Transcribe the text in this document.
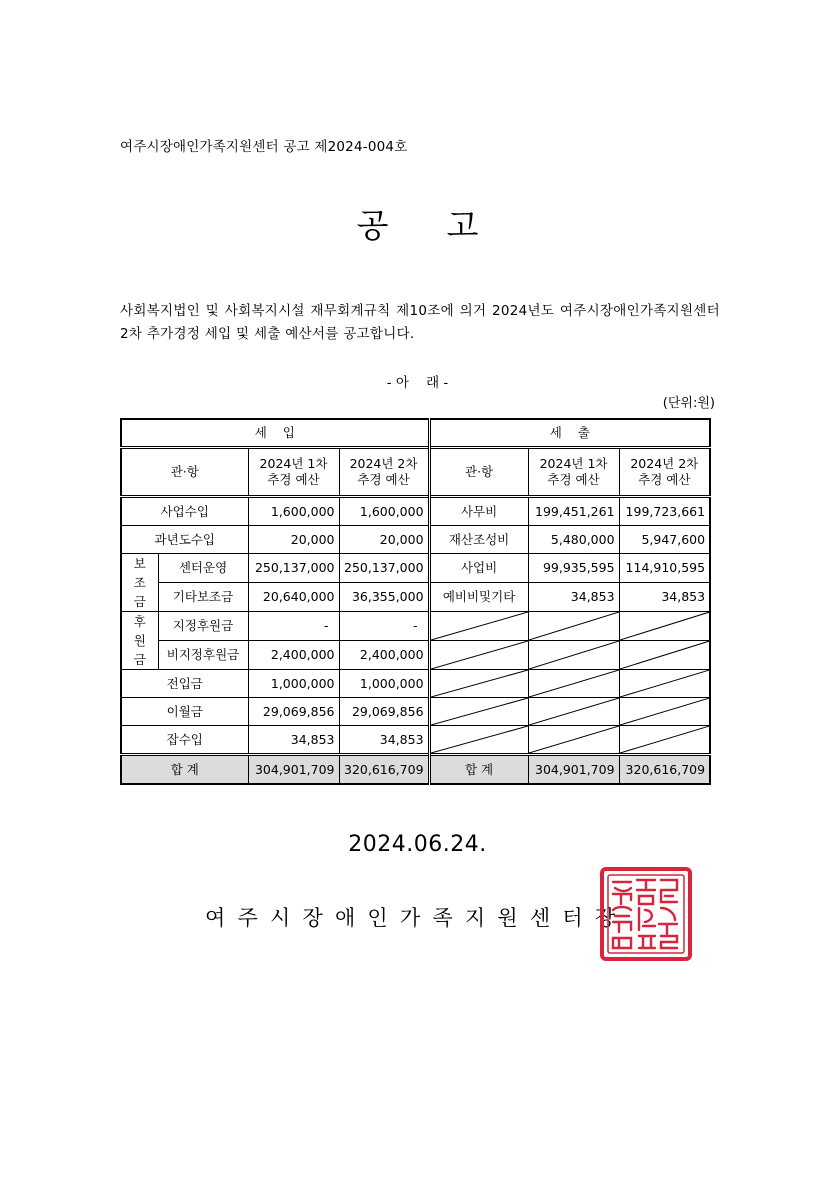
여주시장애인가족지원센터 공고 제2024-004호
공 고
사회복지법인 및 사회복지시설 재무회계규칙 제10조에 의거 2024년도 여주시장애인가족지원센터 2차 추가경정 세입 및 세출 예산서를 공고합니다.
- 아    래 -
(단위:원)
세    입				세    출		
관·항		2024년 1차 추경 예산	2024년 2차 추경 예산	관·항	2024년 1차 추경 예산	2024년 2차 추경 예산
사업수입		1,600,000	1,600,000	사무비	199,451,261	199,723,661
과년도수입		20,000	20,000	재산조성비	5,480,000	5,947,600
보조금	센터운영	250,137,000	250,137,000	사업비	99,935,595	114,910,595
	기타보조금	20,640,000	36,355,000	예비비및기타	34,853	34,853
후원금	지정후원금	-	-	

	비지정후원금	2,400,000	2,400,000	

전입금		1,000,000	1,000,000	

이월금		29,069,856	29,069,856	

잡수입		34,853	34,853	

합 계		304,901,709	320,616,709	합 계	304,901,709	320,616,709
2024.06.24.
여주시장애인가족지원센터장
